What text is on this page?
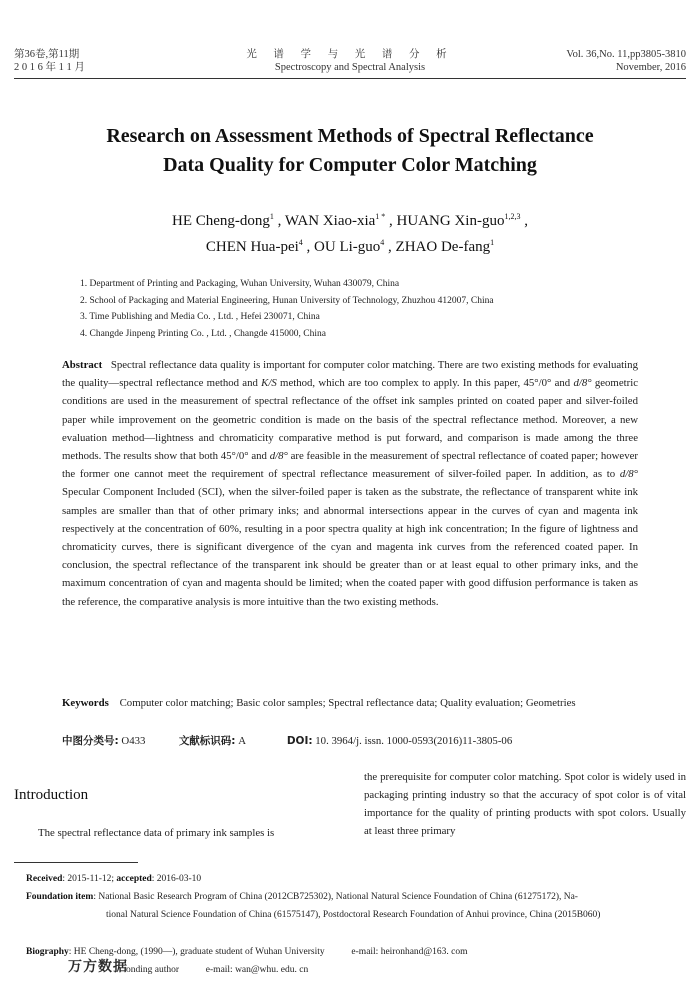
第36卷,第11期
2 0 1 6 年 1 1 月
光 谱 学 与 光 谱 分 析
Spectroscopy and Spectral Analysis
Vol. 36,No. 11,pp3805-3810
November, 2016
Research on Assessment Methods of Spectral Reflectance
Data Quality for Computer Color Matching
HE Cheng-dong$^1$ , WAN Xiao-xia$^{1 *}$ , HUANG Xin-guo$^{1,2,3}$ ,
CHEN Hua-pei$^4$ , OU Li-guo$^4$ , ZHAO De-fang$^1$
1. Department of Printing and Packaging, Wuhan University, Wuhan 430079, China
2. School of Packaging and Material Engineering, Hunan University of Technology, Zhuzhou 412007, China
3. Time Publishing and Media Co. , Ltd. , Hefei 230071, China
4. Changde Jinpeng Printing Co. , Ltd. , Changde 415000, China
Abstract Spectral reflectance data quality is important for computer color matching. There are two existing methods for evaluating the quality—spectral reflectance method and K/S method, which are too complex to apply. In this paper, 45°/0° and d/8° geometric conditions are used in the measurement of spectral reflectance of the offset ink samples printed on coated paper and silver-foiled paper while improvement on the geometric condition is made on the basis of the spectral reflectance method. Moreover, a new evaluation method—lightness and chromaticity comparative method is put forward, and comparison is made among the three methods. The results show that both 45°/0° and d/8° are feasible in the measurement of spectral reflectance of coated paper; however the former one cannot meet the requirement of spectral reflectance measurement of silver-foiled paper. In addition, as to d/8° Specular Component Included (SCI), when the silver-foiled paper is taken as the substrate, the reflectance of transparent white ink samples are smaller than that of other primary inks; and abnormal intersections appear in the curves of cyan and magenta ink respectively at the concentration of 60%, resulting in a poor spectra quality at high ink concentration; In the figure of lightness and chromaticity curves, there is significant divergence of the cyan and magenta ink curves from the referenced coated paper. In conclusion, the spectral reflectance of the transparent ink should be greater than or at least equal to other primary inks, and the maximum concentration of cyan and magenta should be limited; when the coated paper with good diffusion performance is taken as the reference, the comparative analysis is more intuitive than the two existing methods.
Keywords Computer color matching; Basic color samples; Spectral reflectance data; Quality evaluation; Geometries
中图分类号: O433	文献标识码: A	DOI: 10. 3964/j. issn. 1000-0593(2016)11-3805-06
Introduction
The spectral reflectance data of primary ink samples is
the prerequisite for computer color matching. Spot color is widely used in packaging printing industry so that the accuracy of spot color is of vital importance for the quality of printing products with spot colors. Usually at least three primary
Received: 2015-11-12; accepted: 2016-03-10
Foundation item: National Basic Research Program of China (2012CB725302), National Natural Science Foundation of China (61275172), Na-
tional Natural Science Foundation of China (61575147), Postdoctoral Research Foundation of Anhui province, China (2015B060)
Biography: HE Cheng-dong, (1990—), graduate student of Wuhan University	e-mail: heironhand@163. com
onding author	e-mail: wan@whu. edu. cn
万方数据
